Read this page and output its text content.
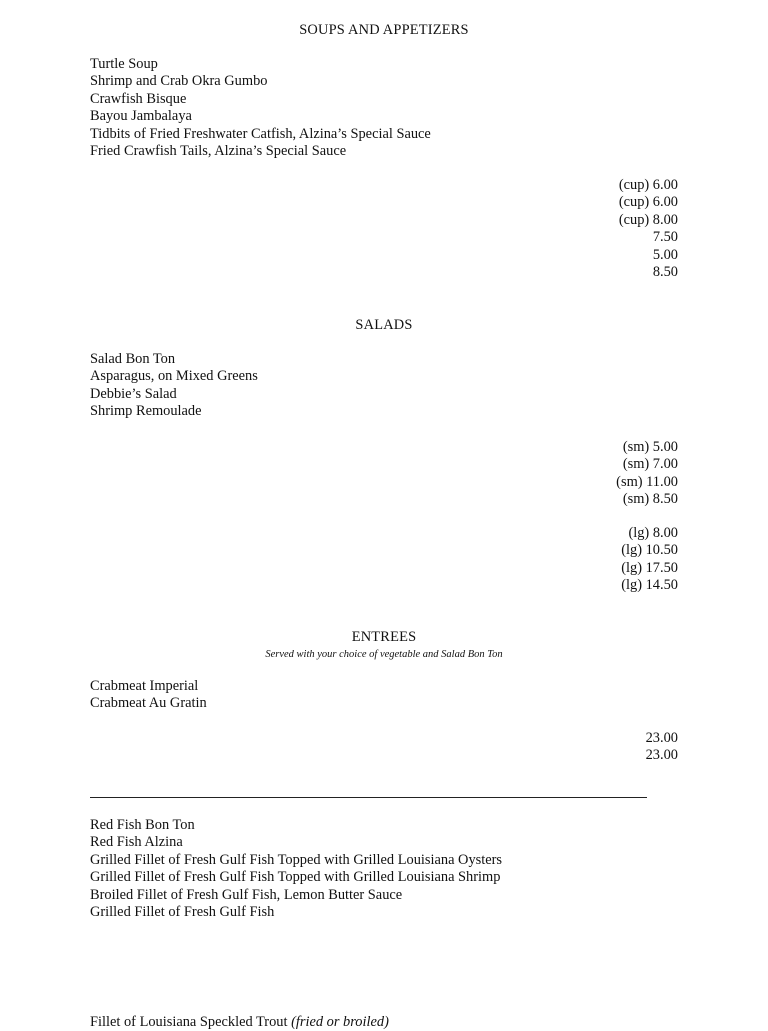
SOUPS AND APPETIZERS
Turtle Soup
Shrimp and Crab Okra Gumbo
Crawfish Bisque
Bayou Jambalaya
Tidbits of Fried Freshwater Catfish, Alzina’s Special Sauce
Fried Crawfish Tails, Alzina’s Special Sauce
(cup) 6.00
(cup) 6.00
(cup) 8.00
7.50
5.00
8.50
SALADS
Salad Bon Ton
Asparagus, on Mixed Greens
Debbie’s Salad
Shrimp Remoulade
(sm) 5.00
(sm) 7.00
(sm) 11.00
(sm) 8.50
(lg) 8.00
(lg) 10.50
(lg) 17.50
(lg) 14.50
ENTREES
Served with your choice of vegetable and Salad Bon Ton
Crabmeat Imperial
Crabmeat Au Gratin
23.00
23.00
Red Fish Bon Ton
Red Fish Alzina
Grilled Fillet of Fresh Gulf Fish Topped with Grilled Louisiana Oysters
Grilled Fillet of Fresh Gulf Fish Topped with Grilled Louisiana Shrimp
Broiled Fillet of Fresh Gulf Fish, Lemon Butter Sauce
Grilled Fillet of Fresh Gulf Fish
Fillet of Louisiana Speckled Trout (fried or broiled)
